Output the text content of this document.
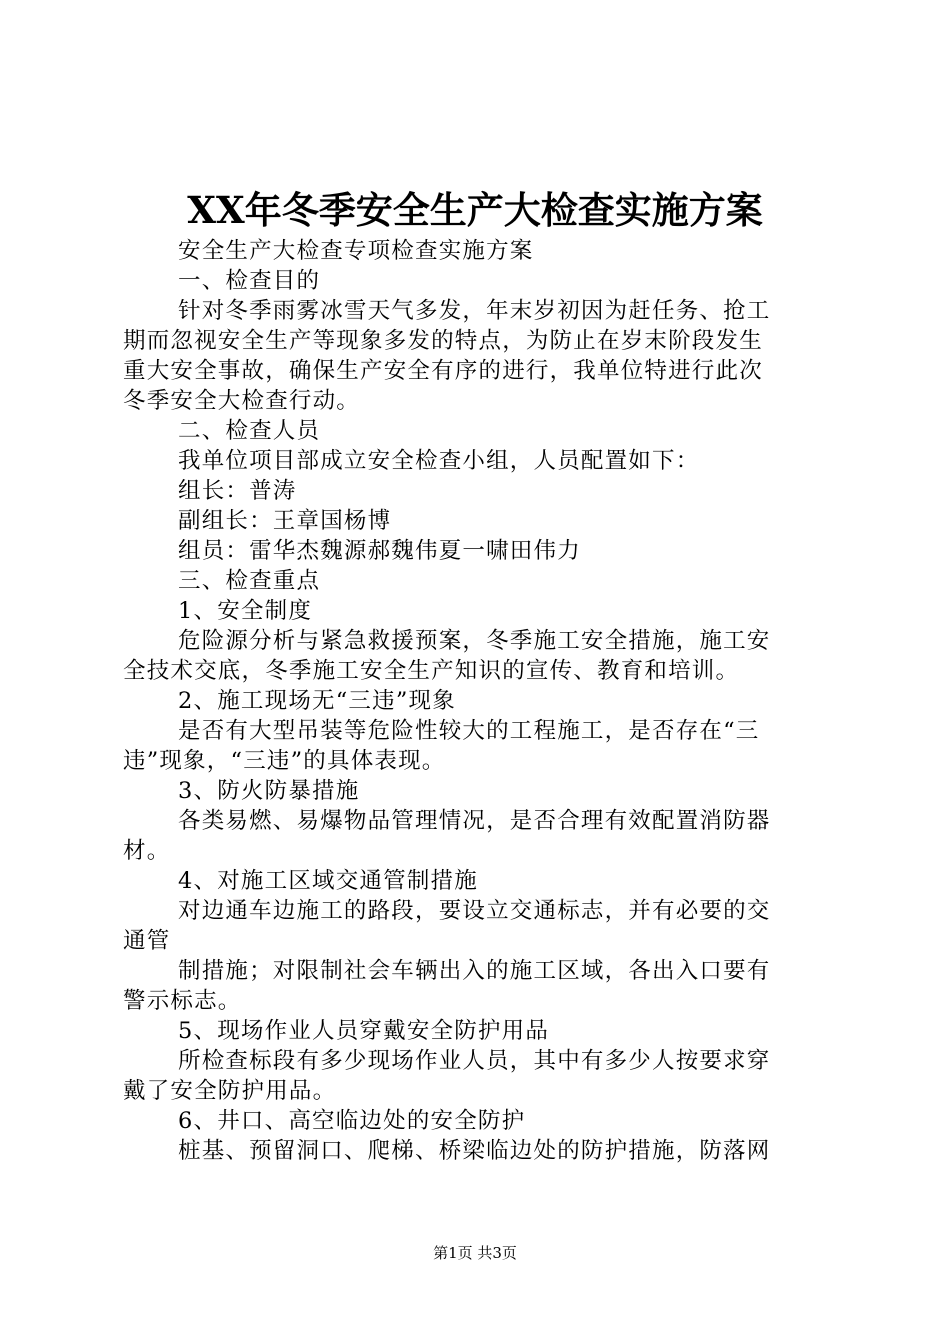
XX年冬季安全生产大检查实施方案
安全生产大检查专项检查实施方案
一、检查目的
针对冬季雨雾冰雪天气多发，年末岁初因为赶任务、抢工
期而忽视安全生产等现象多发的特点，为防止在岁末阶段发生
重大安全事故，确保生产安全有序的进行，我单位特进行此次
冬季安全大检查行动。
二、检查人员
我单位项目部成立安全检查小组，人员配置如下：
组长：普涛
副组长：王章国杨博
组员：雷华杰魏源郝魏伟夏一啸田伟力
三、检查重点
1、安全制度
危险源分析与紧急救援预案，冬季施工安全措施，施工安
全技术交底，冬季施工安全生产知识的宣传、教育和培训。
2、施工现场无“三违”现象
是否有大型吊装等危险性较大的工程施工，是否存在“三
违”现象，“三违”的具体表现。
3、防火防暴措施
各类易燃、易爆物品管理情况，是否合理有效配置消防器
材。
4、对施工区域交通管制措施
对边通车边施工的路段，要设立交通标志，并有必要的交
通管
制措施；对限制社会车辆出入的施工区域，各出入口要有
警示标志。
5、现场作业人员穿戴安全防护用品
所检查标段有多少现场作业人员，其中有多少人按要求穿
戴了安全防护用品。
6、井口、高空临边处的安全防护
桩基、预留洞口、爬梯、桥梁临边处的防护措施，防落网
第1页 共3页
